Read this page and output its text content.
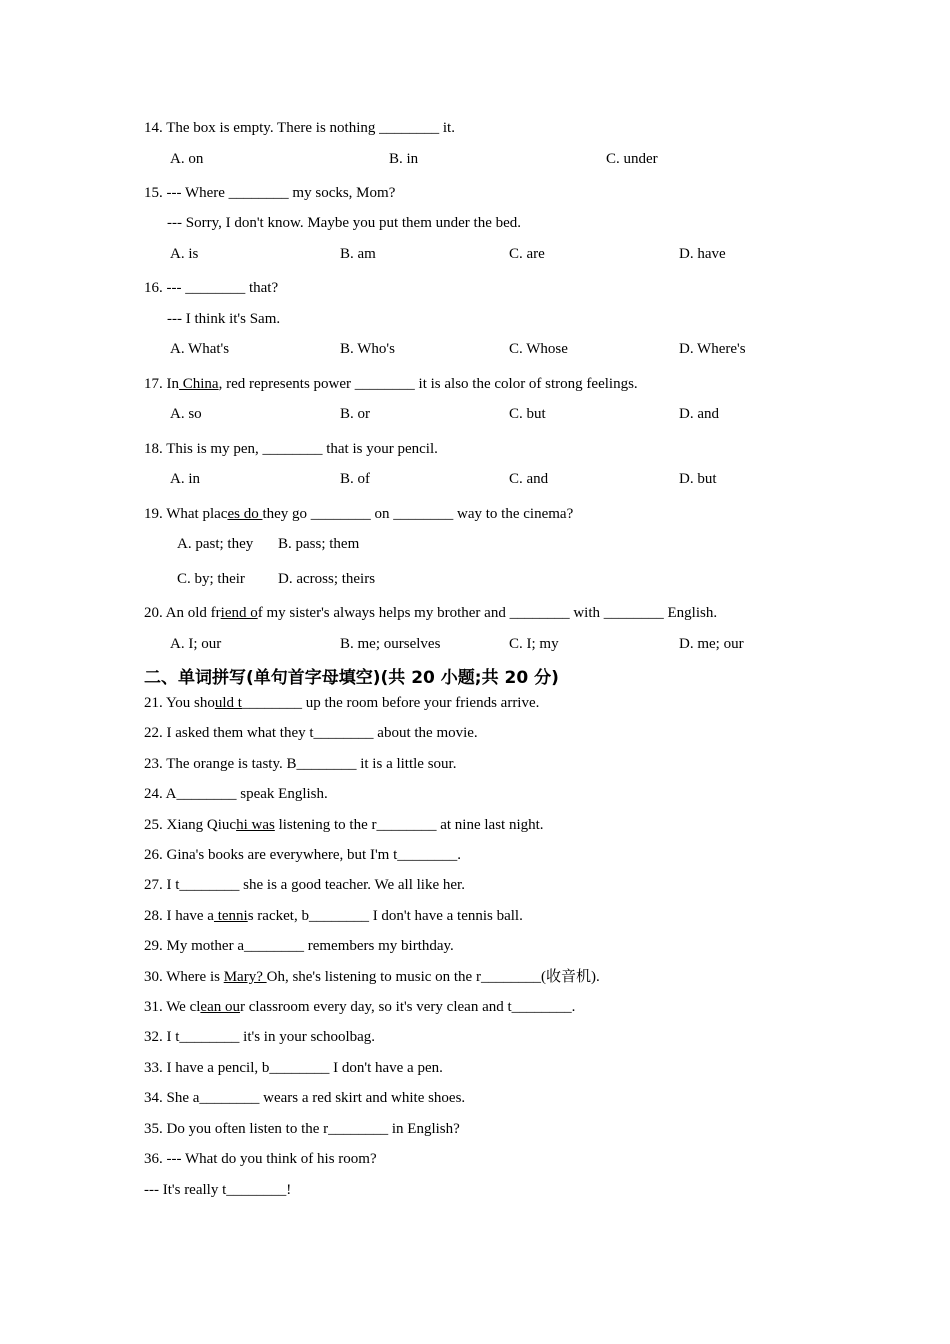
14. The box is empty. There is nothing ________ it.
A. on	B. in	C. under
15. --- Where ________ my socks, Mom?
--- Sorry, I don't know. Maybe you put them under the bed.
A. is	B. am	C. are	D. have
16. --- ________ that?
--- I think it's Sam.
A. What's	B. Who's	C. Whose	D. Where's
17. In China, red represents power ________ it is also the color of strong feelings.
A. so	B. or	C. but	D. and
18. This is my pen, ________ that is your pencil.
A. in	B. of	C. and	D. but
19. What places do they go ________ on ________ way to the cinema?
A. past; they B. pass; them
C. by; their D. across; theirs
20. An old friend of my sister's always helps my brother and ________ with ________ English.
A. I; our	B. me; ourselves	C. I; my	D. me; our
二、单词拼写(单句首字母填空)(共 20 小题;共 20 分)
21. You should t________ up the room before your friends arrive.
22. I asked them what they t________ about the movie.
23. The orange is tasty. B________ it is a little sour.
24. A________ speak English.
25. Xiang Qiuchi was listening to the r________ at nine last night.
26. Gina's books are everywhere, but I'm t________.
27. I t________ she is a good teacher. We all like her.
28. I have a tennis racket, b________ I don't have a tennis ball.
29. My mother a________ remembers my birthday.
30. Where is Mary? Oh, she's listening to music on the r________(收音机).
31. We clean our classroom every day, so it's very clean and t________.
32. I t________ it's in your schoolbag.
33. I have a pencil, b________ I don't have a pen.
34. She a________ wears a red skirt and white shoes.
35. Do you often listen to the r________ in English?
36. --- What do you think of his room?
--- It's really t________!
